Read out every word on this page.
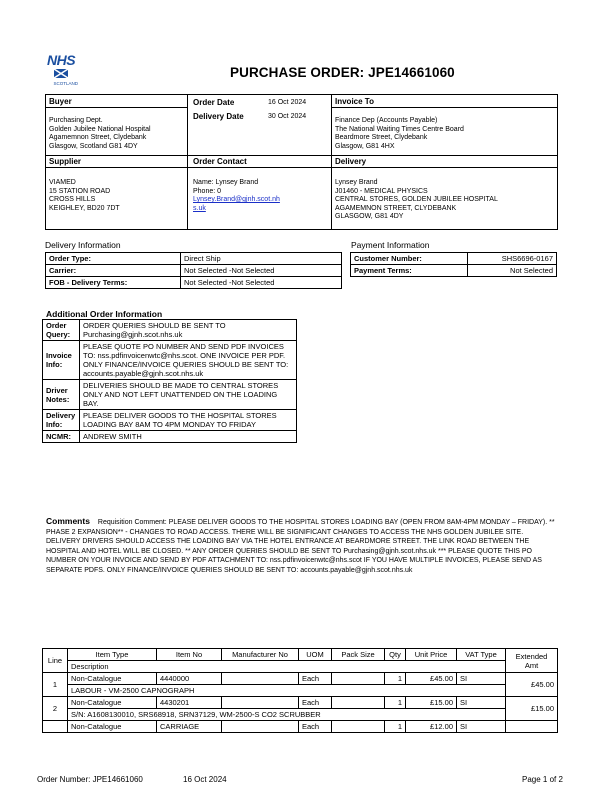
NHS
SCOTLAND
PURCHASE ORDER: JPE14661060
Buyer
Purchasing Dept.
Golden Jubilee National Hospital
Agamemnon Street, Clydebank
Glasgow, Scotland G81 4DY
Order Date	16 Oct 2024
Delivery Date	30 Oct 2024
Invoice To
Finance Dep (Accounts Payable)
The National Waiting Times Centre Board
Beardmore Street, Clydebank
Glasgow, G81 4HX
Supplier
VIAMED
15 STATION ROAD
CROSS HILLS
KEIGHLEY, BD20 7DT
Order Contact
Name: Lynsey Brand
Phone: 0
Lynsey.Brand@gjnh.scot.nh
s.uk
Delivery
Lynsey Brand
J01460 - MEDICAL PHYSICS
CENTRAL STORES, GOLDEN JUBILEE HOSPITAL
AGAMEMNON STREET, CLYDEBANK
GLASGOW, G81 4DY
Delivery Information
Order Type:	Direct Ship
Carrier:	Not Selected -Not Selected
FOB - Delivery Terms:	Not Selected -Not Selected
Payment Information
Customer Number:	SHS6696-0167
Payment Terms:	Not Selected
Additional Order Information
Order Query:	ORDER QUERIES SHOULD BE SENT TO Purchasing@gjnh.scot.nhs.uk
Invoice Info:	PLEASE QUOTE PO NUMBER AND SEND PDF INVOICES TO: nss.pdfinvoicenwtc@nhs.scot. ONE INVOICE PER PDF. ONLY FINANCE/INVOICE QUERIES SHOULD BE SENT TO: accounts.payable@gjnh.scot.nhs.uk
Driver Notes:	DELIVERIES SHOULD BE MADE TO CENTRAL STORES ONLY AND NOT LEFT UNATTENDED ON THE LOADING BAY.
Delivery Info:	PLEASE DELIVER GOODS TO THE HOSPITAL STORES LOADING BAY 8AM TO 4PM MONDAY TO FRIDAY
NCMR:	ANDREW SMITH
Comments Requisition Comment: PLEASE DELIVER GOODS TO THE HOSPITAL STORES LOADING BAY (OPEN FROM 8AM-4PM MONDAY – FRIDAY). ** PHASE 2 EXPANSION** - CHANGES TO ROAD ACCESS. THERE WILL BE SIGNIFICANT CHANGES TO ACCESS THE NHS GOLDEN JUBILEE SITE. DELIVERY DRIVERS SHOULD ACCESS THE LOADING BAY VIA THE HOTEL ENTRANCE AT BEARDMORE STREET. THE LINK ROAD BETWEEN THE HOSPITAL AND HOTEL WILL BE CLOSED. ** ANY ORDER QUERIES SHOULD BE SENT TO Purchasing@gjnh.scot.nhs.uk *** PLEASE QUOTE THIS PO NUMBER ON YOUR INVOICE AND SEND BY PDF ATTACHMENT TO: nss.pdfinvoicenwtc@nhs.scot IF YOU HAVE MULTIPLE INVOICES, PLEASE SEND AS SEPARATE PDFS. ONLY FINANCE/INVOICE QUERIES SHOULD BE SENT TO: accounts.payable@gjnh.scot.nhs.uk
Line	Item Type	Item No	Manufacturer No	UOM	Pack Size	Qty	Unit Price	VAT Type	Extended Amt
	Description								
1	Non-Catalogue	4440000		Each		1	£45.00	SI	£45.00
	LABOUR - VM-2500 CAPNOGRAPH								
2	Non-Catalogue	4430201		Each		1	£15.00	SI	£15.00
	S/N: A1608130010, SRS68918, SRN37129, WM-2500-S CO2 SCRUBBER								
	Non-Catalogue	CARRIAGE		Each		1	£12.00	SI	
Order Number: JPE14661060	16 Oct 2024	Page 1 of 2
